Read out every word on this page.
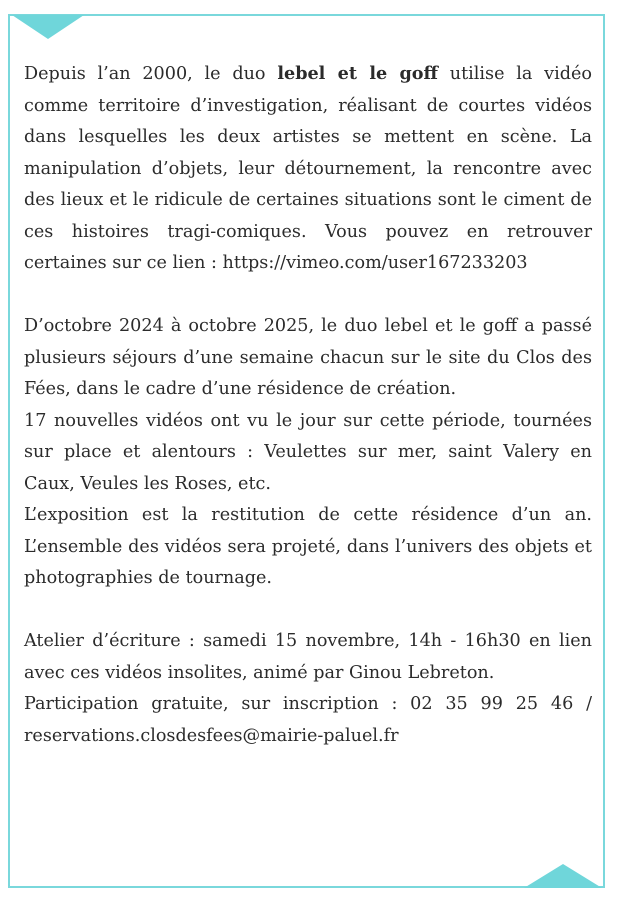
Depuis l’an 2000, le duo lebel et le goff utilise la vidéo comme territoire d’investigation, réalisant de courtes vidéos dans lesquelles les deux artistes se mettent en scène. La manipulation d’objets, leur détournement, la rencontre avec des lieux et le ridicule de certaines situations sont le ciment de ces histoires tragi-comiques. Vous pouvez en retrouver certaines sur ce lien : https://vimeo.com/user167233203

D’octobre 2024 à octobre 2025, le duo lebel et le goff a passé plusieurs séjours d’une semaine chacun sur le site du Clos des Fées, dans le cadre d’une résidence de création.

17 nouvelles vidéos ont vu le jour sur cette période, tournées sur place et alentours : Veulettes sur mer, saint Valery en Caux, Veules les Roses, etc.

L’exposition est la restitution de cette résidence d’un an. L’ensemble des vidéos sera projeté, dans l’univers des objets et photographies de tournage.

Atelier d’écriture : samedi 15 novembre, 14h - 16h30 en lien avec ces vidéos insolites, animé par Ginou Lebreton.

Participation gratuite, sur inscription : 02 35 99 25 46 / reservations.closdesfees@mairie-paluel.fr
